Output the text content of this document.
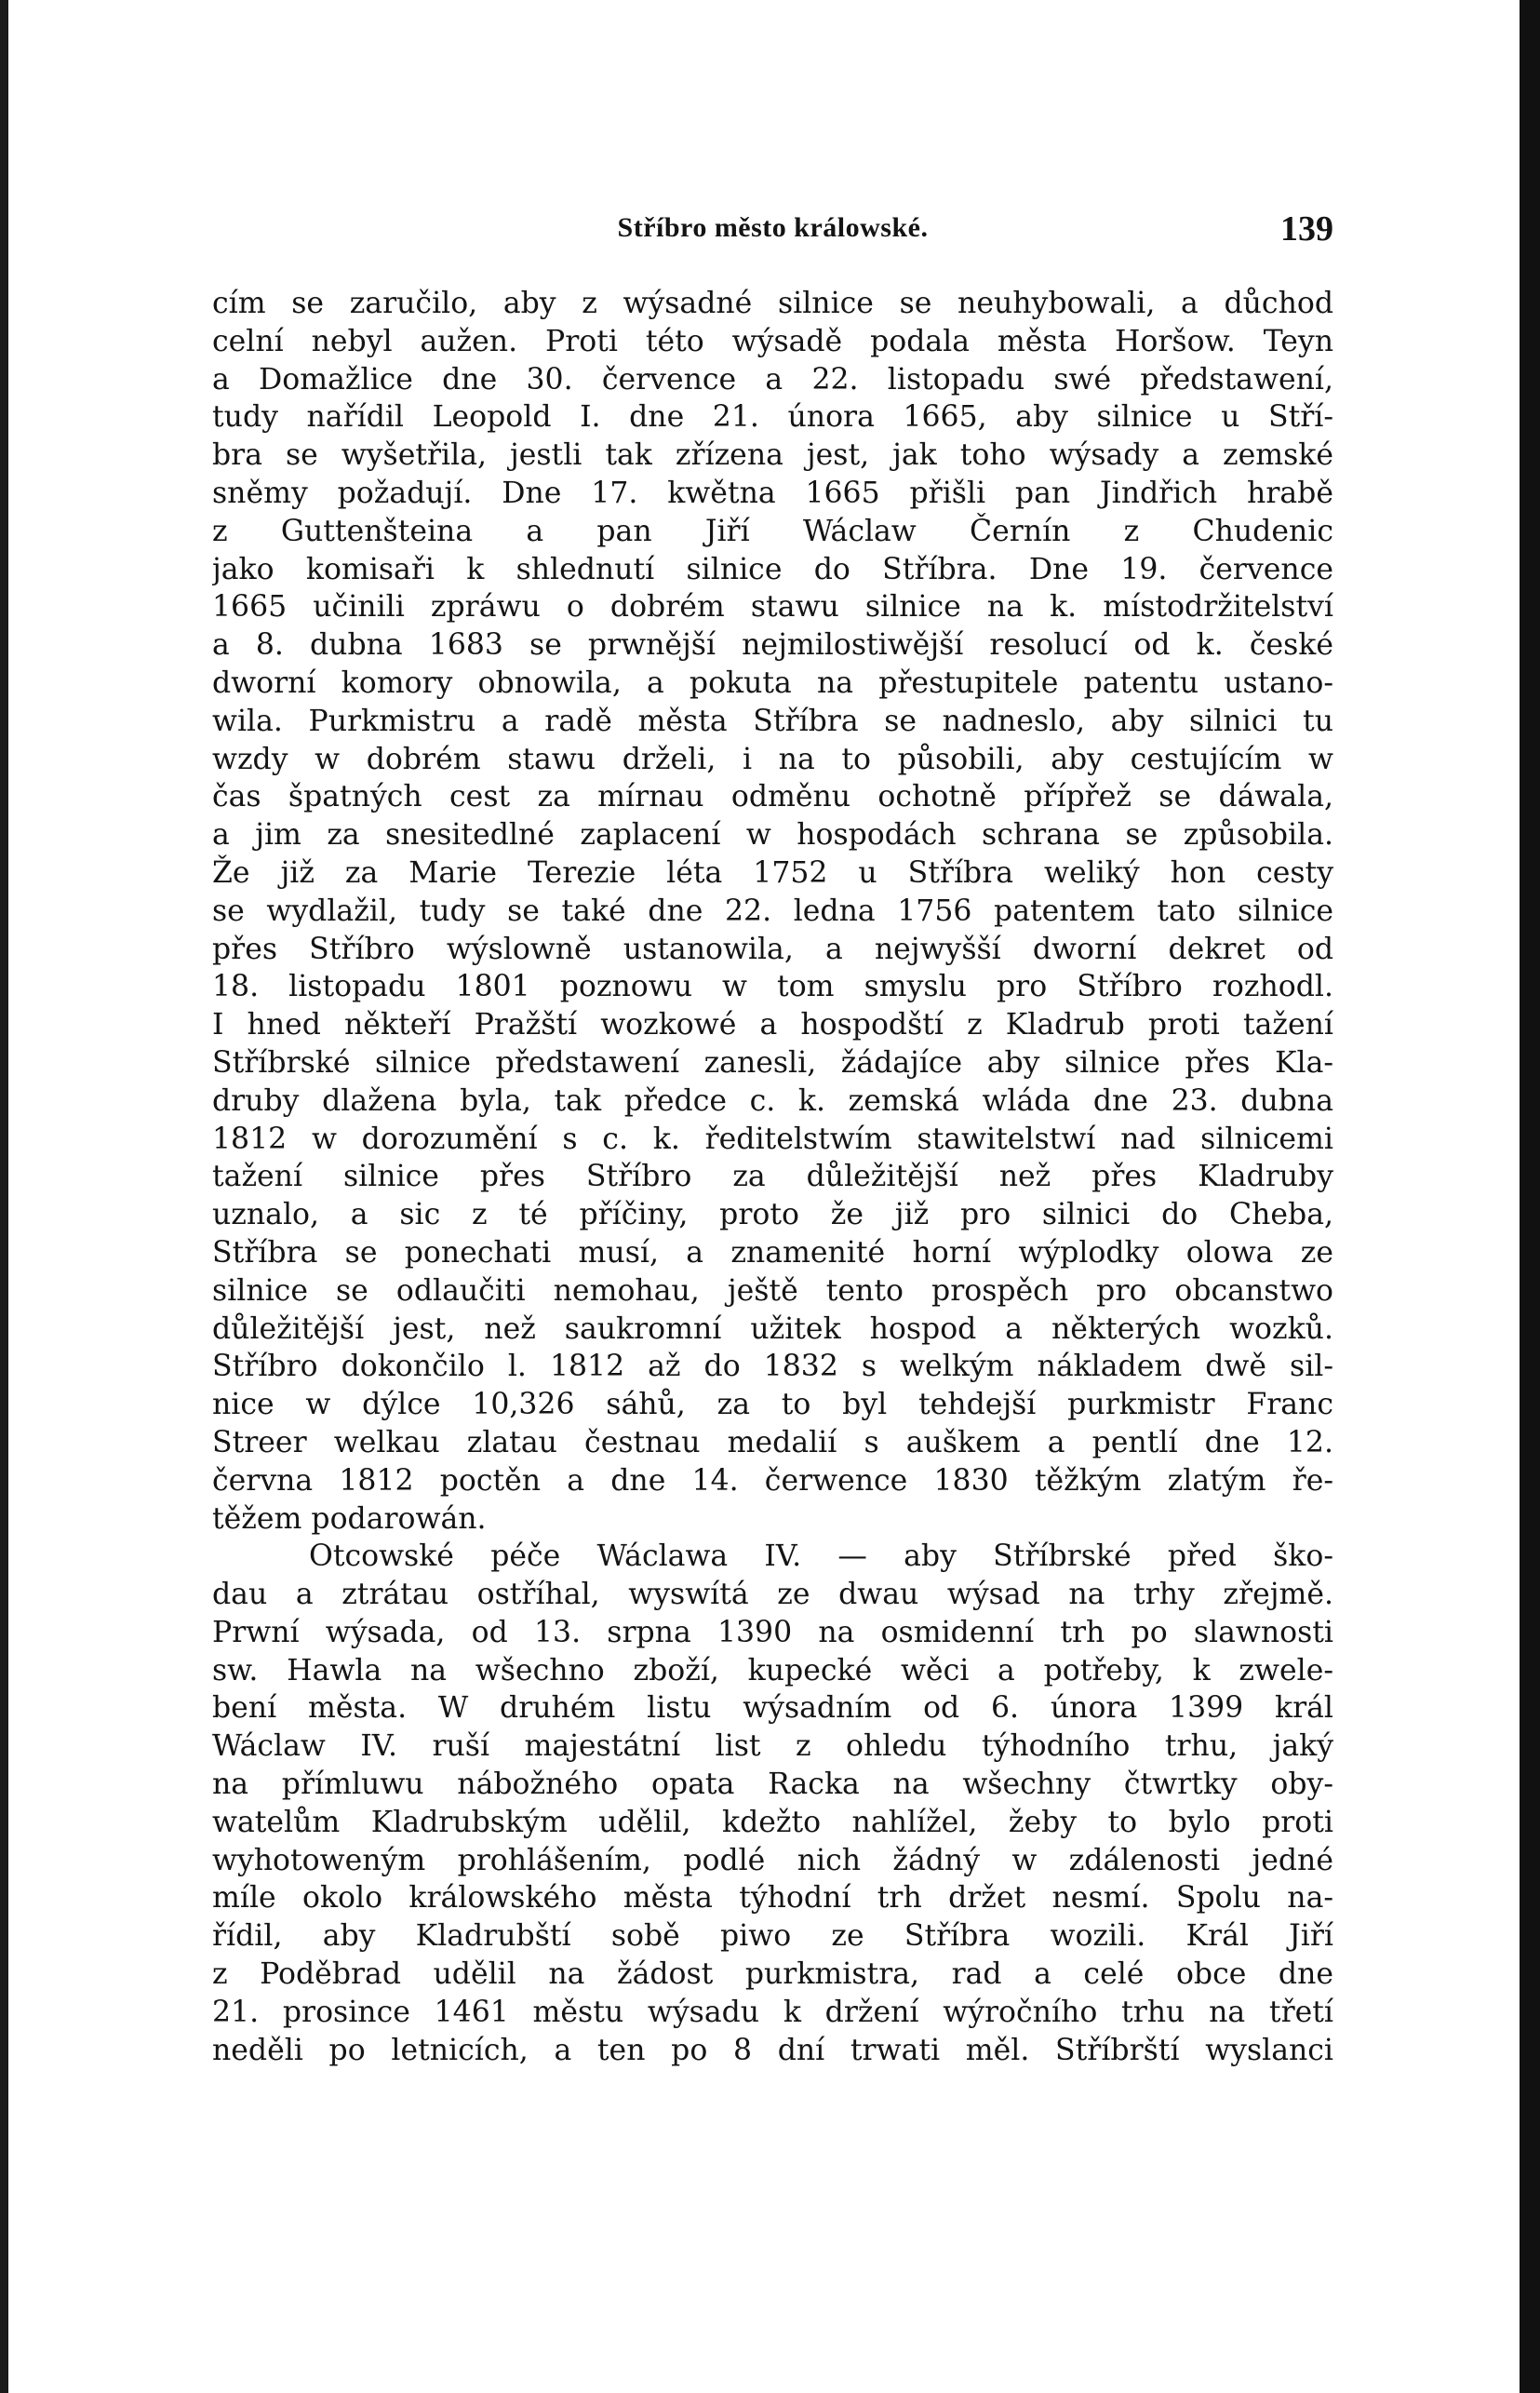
Stříbro město králowské.	139
cím se zaručilo, aby z wýsadné silnice se neuhybowali, a důchod
celní nebyl aužen. Proti této wýsadě podala města Horšow. Teyn
a Domažlice dne 30. července a 22. listopadu swé předstawení,
tudy nařídil Leopold I. dne 21. února 1665, aby silnice u Stří-
bra se wyšetřila, jestli tak zřízena jest, jak toho wýsady a zemské
sněmy požadují. Dne 17. kwětna 1665 přišli pan Jindřich hrabě
z Guttenšteina a pan Jiří Wáclaw Černín z Chudenic
jako komisaři k shlednutí silnice do Stříbra. Dne 19. července
1665 učinili zpráwu o dobrém stawu silnice na k. místodržitelství
a 8. dubna 1683 se prwnější nejmilostiwější resolucí od k. české
dworní komory obnowila, a pokuta na přestupitele patentu ustano-
wila. Purkmistru a radě města Stříbra se nadneslo, aby silnici tu
wzdy w dobrém stawu drželi, i na to působili, aby cestujícím w
čas špatných cest za mírnau odměnu ochotně přípřež se dáwala,
a jim za snesitedlné zaplacení w hospodách schrana se způsobila.
Že již za Marie Terezie léta 1752 u Stříbra weliký hon cesty
se wydlažil, tudy se také dne 22. ledna 1756 patentem tato silnice
přes Stříbro wýslowně ustanowila, a nejwyšší dworní dekret od
18. listopadu 1801 poznowu w tom smyslu pro Stříbro rozhodl.
I hned někteří Pražští wozkowé a hospodští z Kladrub proti tažení
Stříbrské silnice předstawení zanesli, žádajíce aby silnice přes Kla-
druby dlažena byla, tak předce c. k. zemská wláda dne 23. dubna
1812 w dorozumění s c. k. ředitelstwím stawitelstwí nad silnicemi
tažení silnice přes Stříbro za důležitější než přes Kladruby
uznalo, a sic z té příčiny, proto že již pro silnici do Cheba,
Stříbra se ponechati musí, a znamenité horní wýplodky olowa ze
silnice se odlaučiti nemohau, ještě tento prospěch pro obcanstwo
důležitější jest, než saukromní užitek hospod a některých wozků.
Stříbro dokončilo l. 1812 až do 1832 s welkým nákladem dwě sil-
nice w dýlce 10,326 sáhů, za to byl tehdejší purkmistr Franc
Streer welkau zlatau čestnau medalií s auškem a pentlí dne 12.
června 1812 poctěn a dne 14. čerwence 1830 těžkým zlatým ře-
těžem podarowán.
Otcowské péče Wáclawa IV. — aby Stříbrské před ško-
dau a ztrátau ostříhal, wyswítá ze dwau wýsad na trhy zřejmě.
Prwní wýsada, od 13. srpna 1390 na osmidenní trh po slawnosti
sw. Hawla na wšechno zboží, kupecké wěci a potřeby, k zwele-
bení města. W druhém listu wýsadním od 6. února 1399 král
Wáclaw IV. ruší majestátní list z ohledu týhodního trhu, jaký
na přímluwu nábožného opata Racka na wšechny čtwrtky oby-
watelům Kladrubským udělil, kdežto nahlížel, žeby to bylo proti
wyhotoweným prohlášením, podlé nich žádný w zdálenosti jedné
míle okolo králowského města týhodní trh držet nesmí. Spolu na-
řídil, aby Kladrubští sobě piwo ze Stříbra wozili. Král Jiří
z Poděbrad udělil na žádost purkmistra, rad a celé obce dne
21. prosince 1461 městu wýsadu k držení wýročního trhu na třetí
neděli po letnicích, a ten po 8 dní trwati měl. Stříbrští wyslanci
